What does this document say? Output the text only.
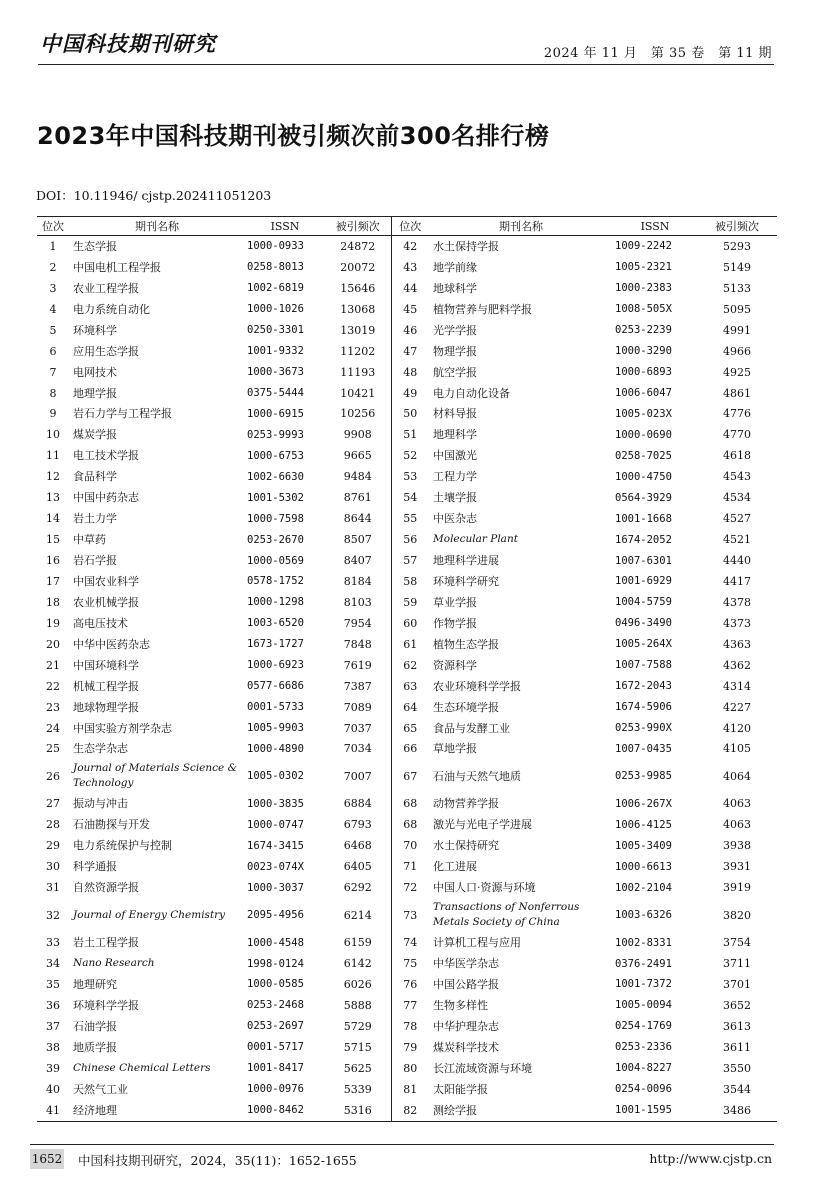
中国科技期刊研究	2024 年 11 月　第 35 卷　第 11 期
2023年中国科技期刊被引频次前300名排行榜
DOI：10.11946/ cjstp.202411051203
位次	期刊名称	ISSN	被引频次	位次	期刊名称	ISSN	被引频次
1	生态学报	1000-0933	24872	42	水土保持学报	1009-2242	5293
2	中国电机工程学报	0258-8013	20072	43	地学前缘	1005-2321	5149
3	农业工程学报	1002-6819	15646	44	地球科学	1000-2383	5133
4	电力系统自动化	1000-1026	13068	45	植物营养与肥料学报	1008-505X	5095
5	环境科学	0250-3301	13019	46	光学学报	0253-2239	4991
6	应用生态学报	1001-9332	11202	47	物理学报	1000-3290	4966
7	电网技术	1000-3673	11193	48	航空学报	1000-6893	4925
8	地理学报	0375-5444	10421	49	电力自动化设备	1006-6047	4861
9	岩石力学与工程学报	1000-6915	10256	50	材料导报	1005-023X	4776
10	煤炭学报	0253-9993	9908	51	地理科学	1000-0690	4770
11	电工技术学报	1000-6753	9665	52	中国激光	0258-7025	4618
12	食品科学	1002-6630	9484	53	工程力学	1000-4750	4543
13	中国中药杂志	1001-5302	8761	54	土壤学报	0564-3929	4534
14	岩土力学	1000-7598	8644	55	中医杂志	1001-1668	4527
15	中草药	0253-2670	8507	56	Molecular Plant	1674-2052	4521
16	岩石学报	1000-0569	8407	57	地理科学进展	1007-6301	4440
17	中国农业科学	0578-1752	8184	58	环境科学研究	1001-6929	4417
18	农业机械学报	1000-1298	8103	59	草业学报	1004-5759	4378
19	高电压技术	1003-6520	7954	60	作物学报	0496-3490	4373
20	中华中医药杂志	1673-1727	7848	61	植物生态学报	1005-264X	4363
21	中国环境科学	1000-6923	7619	62	资源科学	1007-7588	4362
22	机械工程学报	0577-6686	7387	63	农业环境科学学报	1672-2043	4314
23	地球物理学报	0001-5733	7089	64	生态环境学报	1674-5906	4227
24	中国实验方剂学杂志	1005-9903	7037	65	食品与发酵工业	0253-990X	4120
25	生态学杂志	1000-4890	7034	66	草地学报	1007-0435	4105
26	Journal of Materials Science & Technology	1005-0302	7007	67	石油与天然气地质	0253-9985	4064
27	振动与冲击	1000-3835	6884	68	动物营养学报	1006-267X	4063
28	石油勘探与开发	1000-0747	6793	68	激光与光电子学进展	1006-4125	4063
29	电力系统保护与控制	1674-3415	6468	70	水土保持研究	1005-3409	3938
30	科学通报	0023-074X	6405	71	化工进展	1000-6613	3931
31	自然资源学报	1000-3037	6292	72	中国人口·资源与环境	1002-2104	3919
32	Journal of Energy Chemistry	2095-4956	6214	73	Transactions of Nonferrous Metals Society of China	1003-6326	3820
33	岩土工程学报	1000-4548	6159	74	计算机工程与应用	1002-8331	3754
34	Nano Research	1998-0124	6142	75	中华医学杂志	0376-2491	3711
35	地理研究	1000-0585	6026	76	中国公路学报	1001-7372	3701
36	环境科学学报	0253-2468	5888	77	生物多样性	1005-0094	3652
37	石油学报	0253-2697	5729	78	中华护理杂志	0254-1769	3613
38	地质学报	0001-5717	5715	79	煤炭科学技术	0253-2336	3611
39	Chinese Chemical Letters	1001-8417	5625	80	长江流域资源与环境	1004-8227	3550
40	天然气工业	1000-0976	5339	81	太阳能学报	0254-0096	3544
41	经济地理	1000-8462	5316	82	测绘学报	1001-1595	3486
1652 中国科技期刊研究，2024，35(11)：1652-1655	http://www.cjstp.cn
